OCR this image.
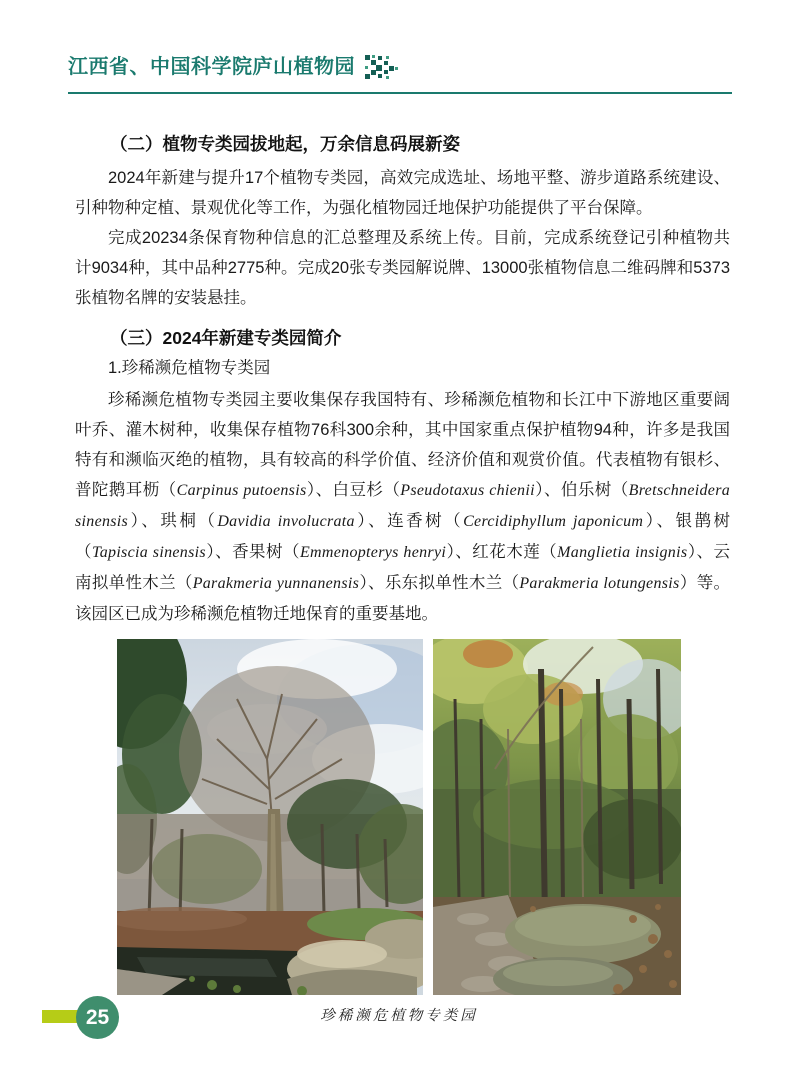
江西省、中国科学院庐山植物园
（二）植物专类园拔地起，万余信息码展新姿

2024年新建与提升17个植物专类园，高效完成选址、场地平整、游步道路系统建设、引种物种定植、景观优化等工作，为强化植物园迁地保护功能提供了平台保障。

完成20234条保育物种信息的汇总整理及系统上传。目前，完成系统登记引种植物共计9034种，其中品种2775种。完成20张专类园解说牌、13000张植物信息二维码牌和5373张植物名牌的安装悬挂。

（三）2024年新建专类园简介
1.珍稀濒危植物专类园

珍稀濒危植物专类园主要收集保存我国特有、珍稀濒危植物和长江中下游地区重要阔叶乔、灌木树种，收集保存植物76科300余种，其中国家重点保护植物94种，许多是我国特有和濒临灭绝的植物，具有较高的科学价值、经济价值和观赏价值。代表植物有银杉、普陀鹅耳枥（Carpinus putoensis）、白豆杉（Pseudotaxus chienii）、伯乐树（Bretschneidera sinensis）、珙桐（Davidia involucrata）、连香树（Cercidiphyllum japonicum）、银鹊树（Tapiscia sinensis）、香果树（Emmenopterys henryi）、红花木莲（Manglietia insignis）、云南拟单性木兰（Parakmeria yunnanensis）、乐东拟单性木兰（Parakmeria lotungensis）等。该园区已成为珍稀濒危植物迁地保育的重要基地。

珍稀濒危植物专类园
25
